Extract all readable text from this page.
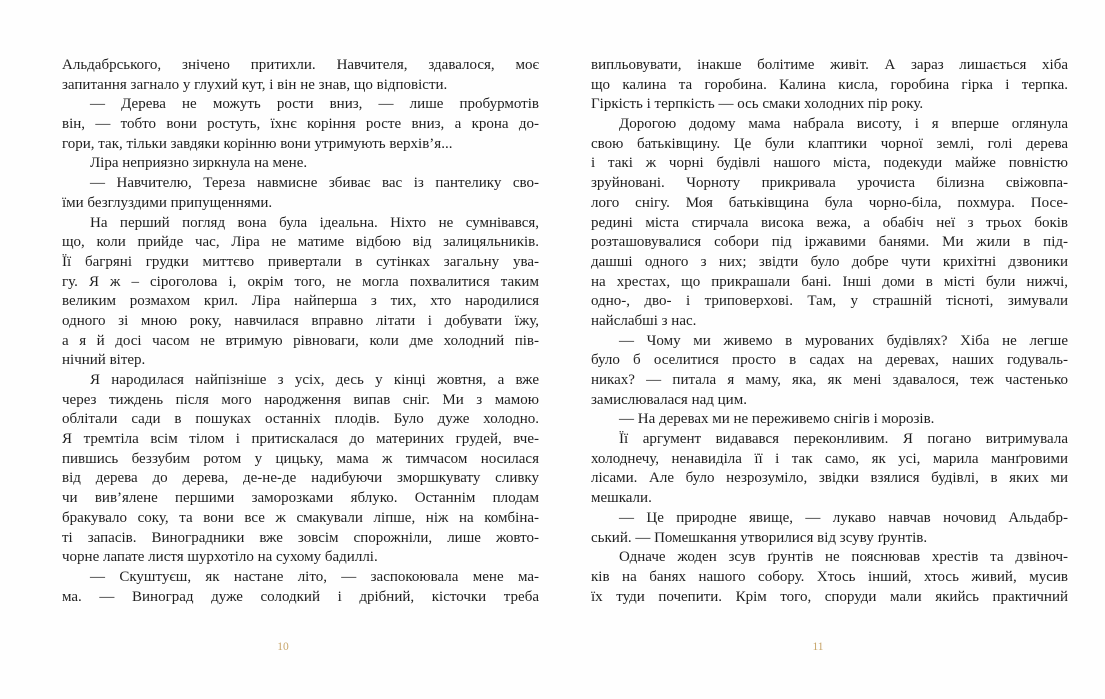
Альдабрського, знічено притихли. Навчителя, здавалося, моє
запитання загнало у глухий кут, і він не знав, що відповісти.
— Дерева не можуть рости вниз, — лише пробурмотів
він, — тобто вони ростуть, їхнє коріння росте вниз, а крона до-
гори, так, тільки завдяки корінню вони утримують верхів’я...
Ліра неприязно зиркнула на мене.
— Навчителю, Тереза навмисне збиває вас із пантелику сво-
їми безглуздими припущеннями.
На перший погляд вона була ідеальна. Ніхто не сумнівався,
що, коли прийде час, Ліра не матиме відбою від залицяльників.
Її багряні грудки миттєво привертали в сутінках загальну ува-
гу. Я ж – сіроголова і, окрім того, не могла похвалитися таким
великим розмахом крил. Ліра найперша з тих, хто народилися
одного зі мною року, навчилася вправно літати і добувати їжу,
а я й досі часом не втримую рівноваги, коли дме холодний пів-
нічний вітер.
Я народилася найпізніше з усіх, десь у кінці жовтня, а вже
через тиждень після мого народження випав сніг. Ми з мамою
облітали сади в пошуках останніх плодів. Було дуже холодно.
Я тремтіла всім тілом і притискалася до материних грудей, вче-
пившись беззубим ротом у цицьку, мама ж тимчасом носилася
від дерева до дерева, де-не-де надибуючи зморшкувату сливку
чи вив’ялене першими заморозками яблуко. Останнім плодам
бракувало соку, та вони все ж смакували ліпше, ніж на комбіна-
ті запасів. Виноградники вже зовсім спорожніли, лише жовто-
чорне лапате листя шурхотіло на сухому бадиллі.
— Скуштуєш, як настане літо, — заспокоювала мене ма-
ма. — Виноград дуже солодкий і дрібний, кісточки треба
випльовувати, інакше болітиме живіт. А зараз лишається хіба
що калина та горобина. Калина кисла, горобина гірка і терпка.
Гіркість і терпкість — ось смаки холодних пір року.
Дорогою додому мама набрала висоту, і я вперше оглянула
свою батьківщину. Це були клаптики чорної землі, голі дерева
і такі ж чорні будівлі нашого міста, подекуди майже повністю
зруйновані. Чорноту прикривала урочиста білизна свіжовпа-
лого снігу. Моя батьківщина була чорно-біла, похмура. Посе-
редині міста стирчала висока вежа, а обабіч неї з трьох боків
розташовувалися собори під іржавими банями. Ми жили в під-
дашші одного з них; звідти було добре чути крихітні дзвоники
на хрестах, що прикрашали бані. Інші доми в місті були нижчі,
одно-, дво- і триповерхові. Там, у страшній тісноті, зимували
найслабші з нас.
— Чому ми живемо в мурованих будівлях? Хіба не легше
було б оселитися просто в садах на деревах, наших годуваль-
никах? — питала я маму, яка, як мені здавалося, теж частенько
замислювалася над цим.
— На деревах ми не переживемо снігів і морозів.
Її аргумент видавався переконливим. Я погано витримувала
холоднечу, ненавиділа її і так само, як усі, марила манґровими
лісами. Але було незрозуміло, звідки взялися будівлі, в яких ми
мешкали.
— Це природне явище, — лукаво навчав ночовид Альдабр-
ський. — Помешкання утворилися від зсуву ґрунтів.
Одначе жоден зсув ґрунтів не пояснював хрестів та дзвіноч-
ків на банях нашого собору. Хтось інший, хтось живий, мусив
їх туди почепити. Крім того, споруди мали якийсь практичний
10	11
